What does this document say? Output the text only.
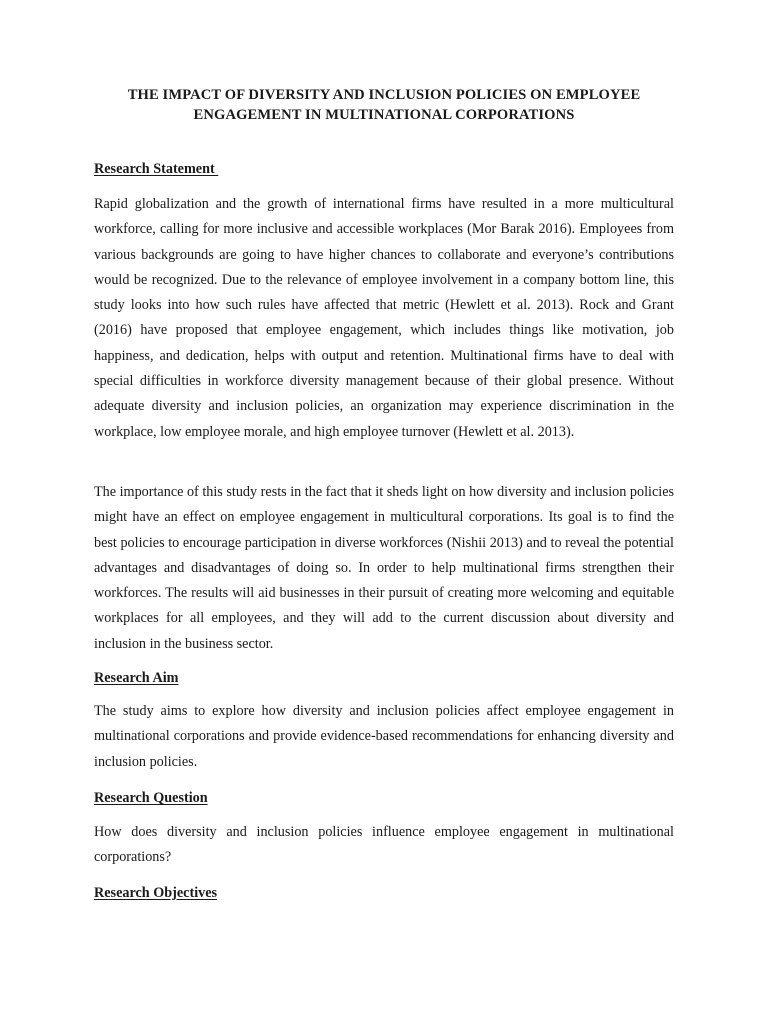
THE IMPACT OF DIVERSITY AND INCLUSION POLICIES ON EMPLOYEE ENGAGEMENT IN MULTINATIONAL CORPORATIONS
Research Statement

Rapid globalization and the growth of international firms have resulted in a more multicultural workforce, calling for more inclusive and accessible workplaces (Mor Barak 2016). Employees from various backgrounds are going to have higher chances to collaborate and everyone’s contributions would be recognized. Due to the relevance of employee involvement in a company bottom line, this study looks into how such rules have affected that metric (Hewlett et al. 2013). Rock and Grant (2016) have proposed that employee engagement, which includes things like motivation, job happiness, and dedication, helps with output and retention. Multinational firms have to deal with special difficulties in workforce diversity management because of their global presence. Without adequate diversity and inclusion policies, an organization may experience discrimination in the workplace, low employee morale, and high employee turnover (Hewlett et al. 2013).

The importance of this study rests in the fact that it sheds light on how diversity and inclusion policies might have an effect on employee engagement in multicultural corporations. Its goal is to find the best policies to encourage participation in diverse workforces (Nishii 2013) and to reveal the potential advantages and disadvantages of doing so. In order to help multinational firms strengthen their workforces. The results will aid businesses in their pursuit of creating more welcoming and equitable workplaces for all employees, and they will add to the current discussion about diversity and inclusion in the business sector.

Research Aim

The study aims to explore how diversity and inclusion policies affect employee engagement in multinational corporations and provide evidence-based recommendations for enhancing diversity and inclusion policies.

Research Question

How does diversity and inclusion policies influence employee engagement in multinational corporations?

Research Objectives
